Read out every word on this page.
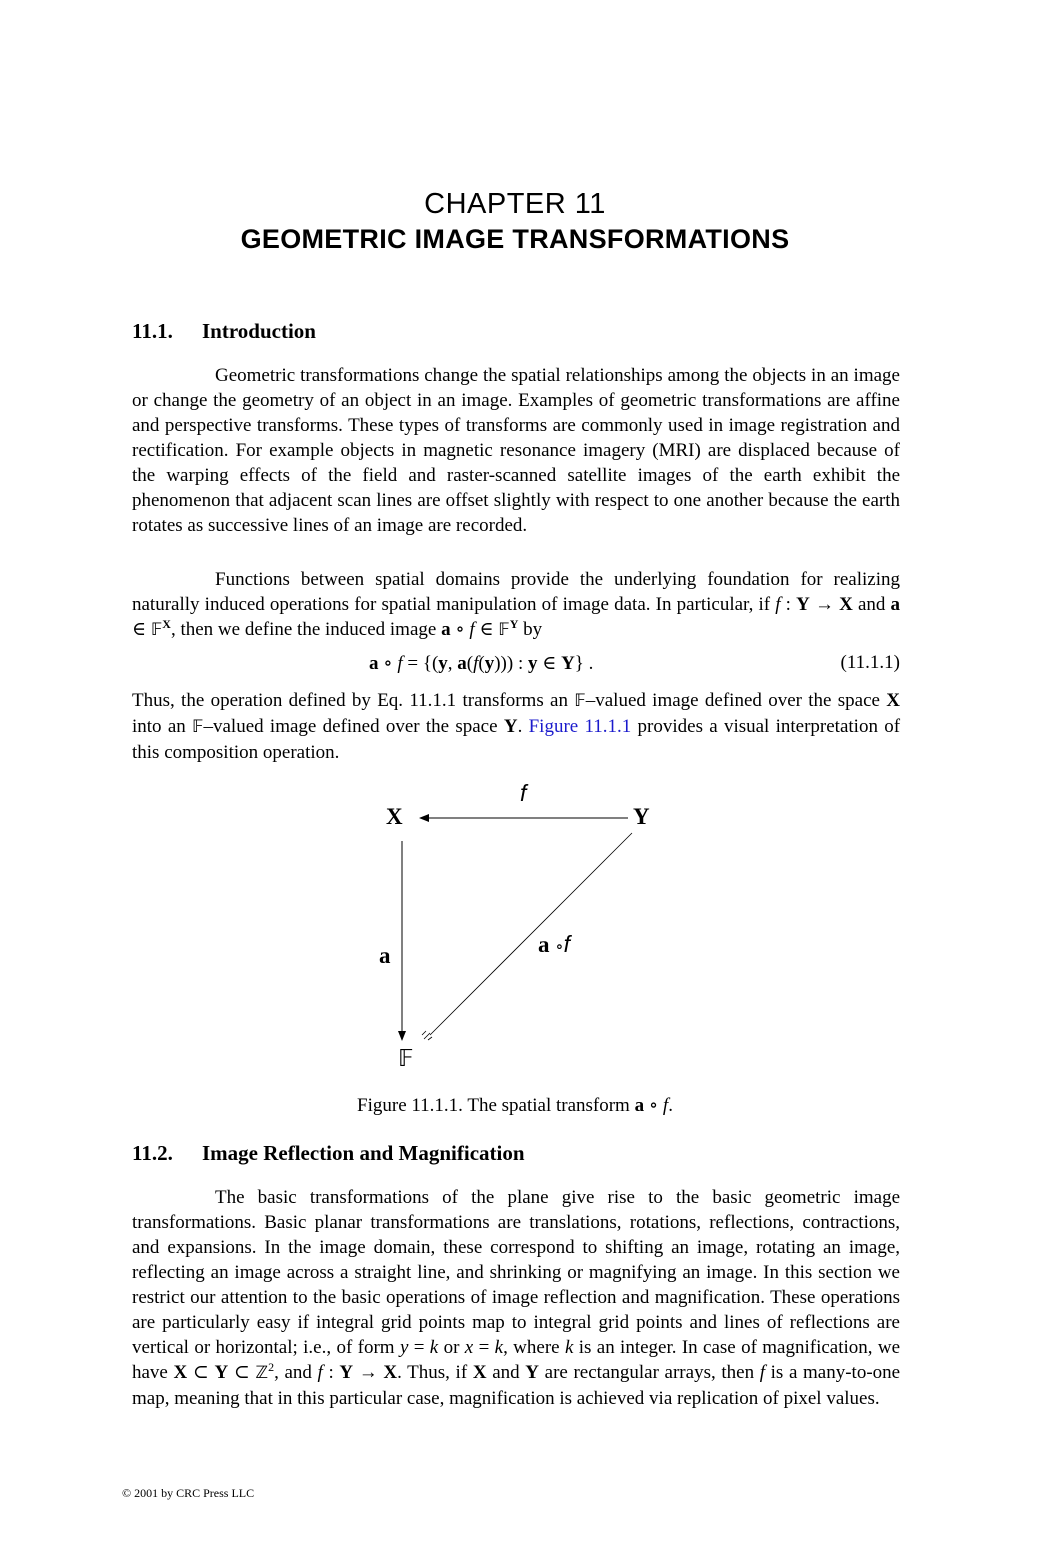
CHAPTER 11
GEOMETRIC IMAGE TRANSFORMATIONS
11.1. Introduction

Geometric transformations change the spatial relationships among the objects in an image or change the geometry of an object in an image. Examples of geometric transformations are affine and perspective transforms. These types of transforms are commonly used in image registration and rectification. For example objects in magnetic resonance imagery (MRI) are displaced because of the warping effects of the field and raster-scanned satellite images of the earth exhibit the phenomenon that adjacent scan lines are offset slightly with respect to one another because the earth rotates as successive lines of an image are recorded.

Functions between spatial domains provide the underlying foundation for realizing naturally induced operations for spatial manipulation of image data. In particular, if f : Y → X and a ∈ 𝔽$^X$, then we define the induced image a ∘ f ∈ 𝔽$^Y$ by

a ∘ f = {(y, a(f(y))) : y ∈ Y} .	(11.1.1)

Thus, the operation defined by Eq. 11.1.1 transforms an 𝔽–valued image defined over the space X into an 𝔽–valued image defined over the space Y. Figure 11.1.1 provides a visual interpretation of this composition operation.

X	Y
f
a	a ∘f
𝔽
Figure 11.1.1. The spatial transform a ∘ f.
11.2. Image Reflection and Magnification

The basic transformations of the plane give rise to the basic geometric image transformations. Basic planar transformations are translations, rotations, reflections, contractions, and expansions. In the image domain, these correspond to shifting an image, rotating an image, reflecting an image across a straight line, and shrinking or magnifying an image. In this section we restrict our attention to the basic operations of image reflection and magnification. These operations are particularly easy if integral grid points map to integral grid points and lines of reflections are vertical or horizontal; i.e., of form y = k or x = k, where k is an integer. In case of magnification, we have X ⊂ Y ⊂ ℤ$^2$, and f : Y → X. Thus, if X and Y are rectangular arrays, then f is a many-to-one map, meaning that in this particular case, magnification is achieved via replication of pixel values.

© 2001 by CRC Press LLC
